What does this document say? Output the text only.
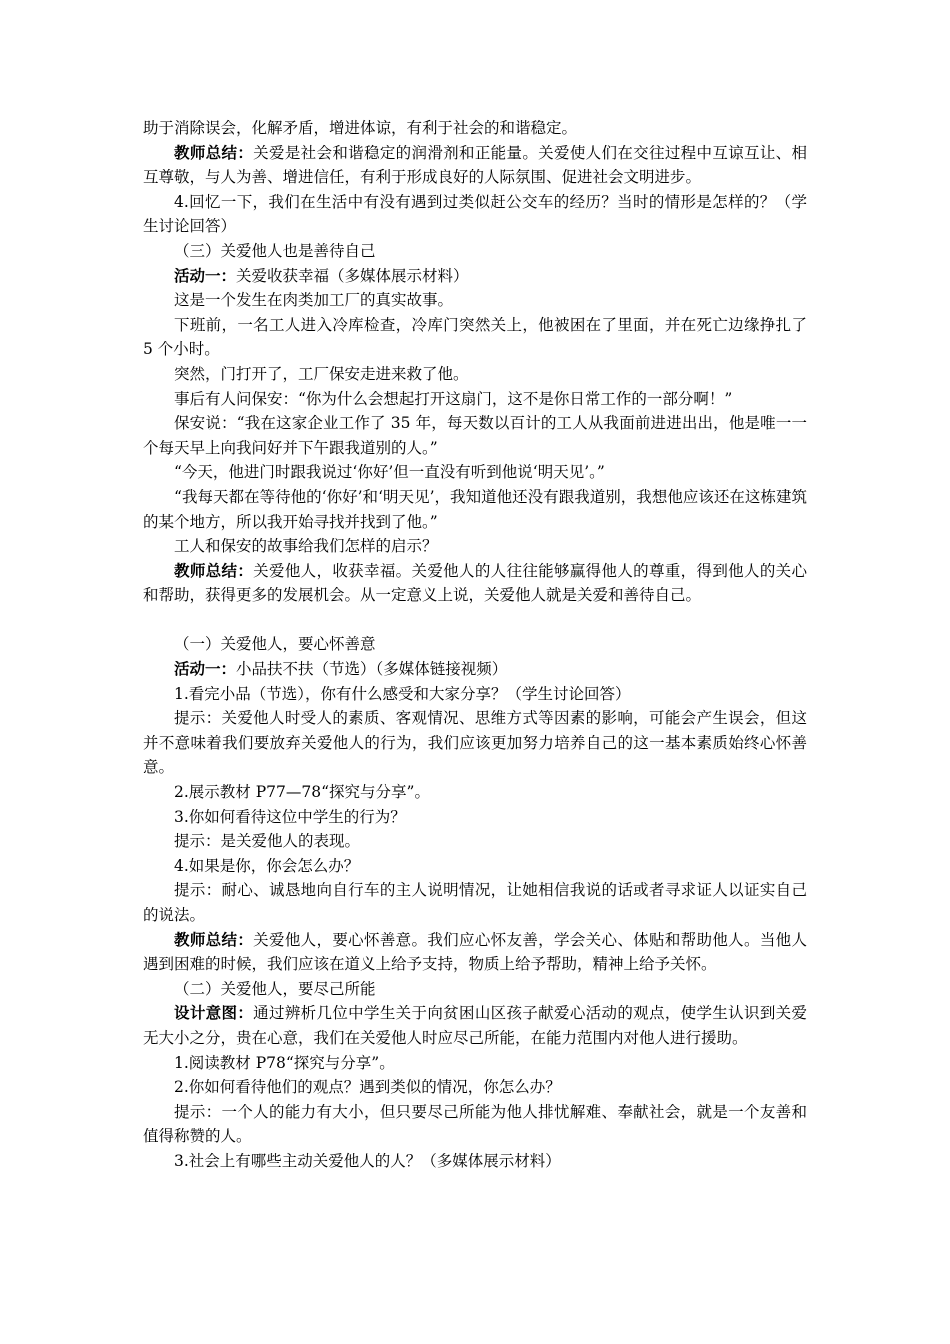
助于消除误会，化解矛盾，增进体谅，有利于社会的和谐稳定。

教师总结：关爱是社会和谐稳定的润滑剂和正能量。关爱使人们在交往过程中互谅互让、相互尊敬，与人为善、增进信任，有利于形成良好的人际氛围、促进社会文明进步。

4.回忆一下，我们在生活中有没有遇到过类似赶公交车的经历？当时的情形是怎样的？（学生讨论回答）

（三）关爱他人也是善待自己

活动一：关爱收获幸福（多媒体展示材料）

这是一个发生在肉类加工厂的真实故事。

下班前，一名工人进入冷库检查，冷库门突然关上，他被困在了里面，并在死亡边缘挣扎了 5 个小时。

突然，门打开了，工厂保安走进来救了他。

事后有人问保安：“你为什么会想起打开这扇门，这不是你日常工作的一部分啊！”

保安说：“我在这家企业工作了 35 年，每天数以百计的工人从我面前进进出出，他是唯一一个每天早上向我问好并下午跟我道别的人。”

“今天，他进门时跟我说过‘你好’但一直没有听到他说‘明天见’。”

“我每天都在等待他的‘你好’和‘明天见’，我知道他还没有跟我道别，我想他应该还在这栋建筑的某个地方，所以我开始寻找并找到了他。”

工人和保安的故事给我们怎样的启示？

教师总结：关爱他人，收获幸福。关爱他人的人往往能够赢得他人的尊重，得到他人的关心和帮助，获得更多的发展机会。从一定意义上说，关爱他人就是关爱和善待自己。

（一）关爱他人，要心怀善意

活动一：小品扶不扶（节选）（多媒体链接视频）

1.看完小品（节选），你有什么感受和大家分享？（学生讨论回答）

提示：关爱他人时受人的素质、客观情况、思维方式等因素的影响，可能会产生误会，但这并不意味着我们要放弃关爱他人的行为，我们应该更加努力培养自己的这一基本素质始终心怀善意。

2.展示教材 P77—78“探究与分享”。

3.你如何看待这位中学生的行为？

提示：是关爱他人的表现。

4.如果是你，你会怎么办？

提示：耐心、诚恳地向自行车的主人说明情况，让她相信我说的话或者寻求证人以证实自己的说法。

教师总结：关爱他人，要心怀善意。我们应心怀友善，学会关心、体贴和帮助他人。当他人遇到困难的时候，我们应该在道义上给予支持，物质上给予帮助，精神上给予关怀。

（二）关爱他人，要尽己所能

设计意图：通过辨析几位中学生关于向贫困山区孩子献爱心活动的观点，使学生认识到关爱无大小之分，贵在心意，我们在关爱他人时应尽己所能，在能力范围内对他人进行援助。

1.阅读教材 P78“探究与分享”。

2.你如何看待他们的观点？遇到类似的情况，你怎么办？

提示：一个人的能力有大小，但只要尽己所能为他人排忧解难、奉献社会，就是一个友善和值得称赞的人。

3.社会上有哪些主动关爱他人的人？（多媒体展示材料）
